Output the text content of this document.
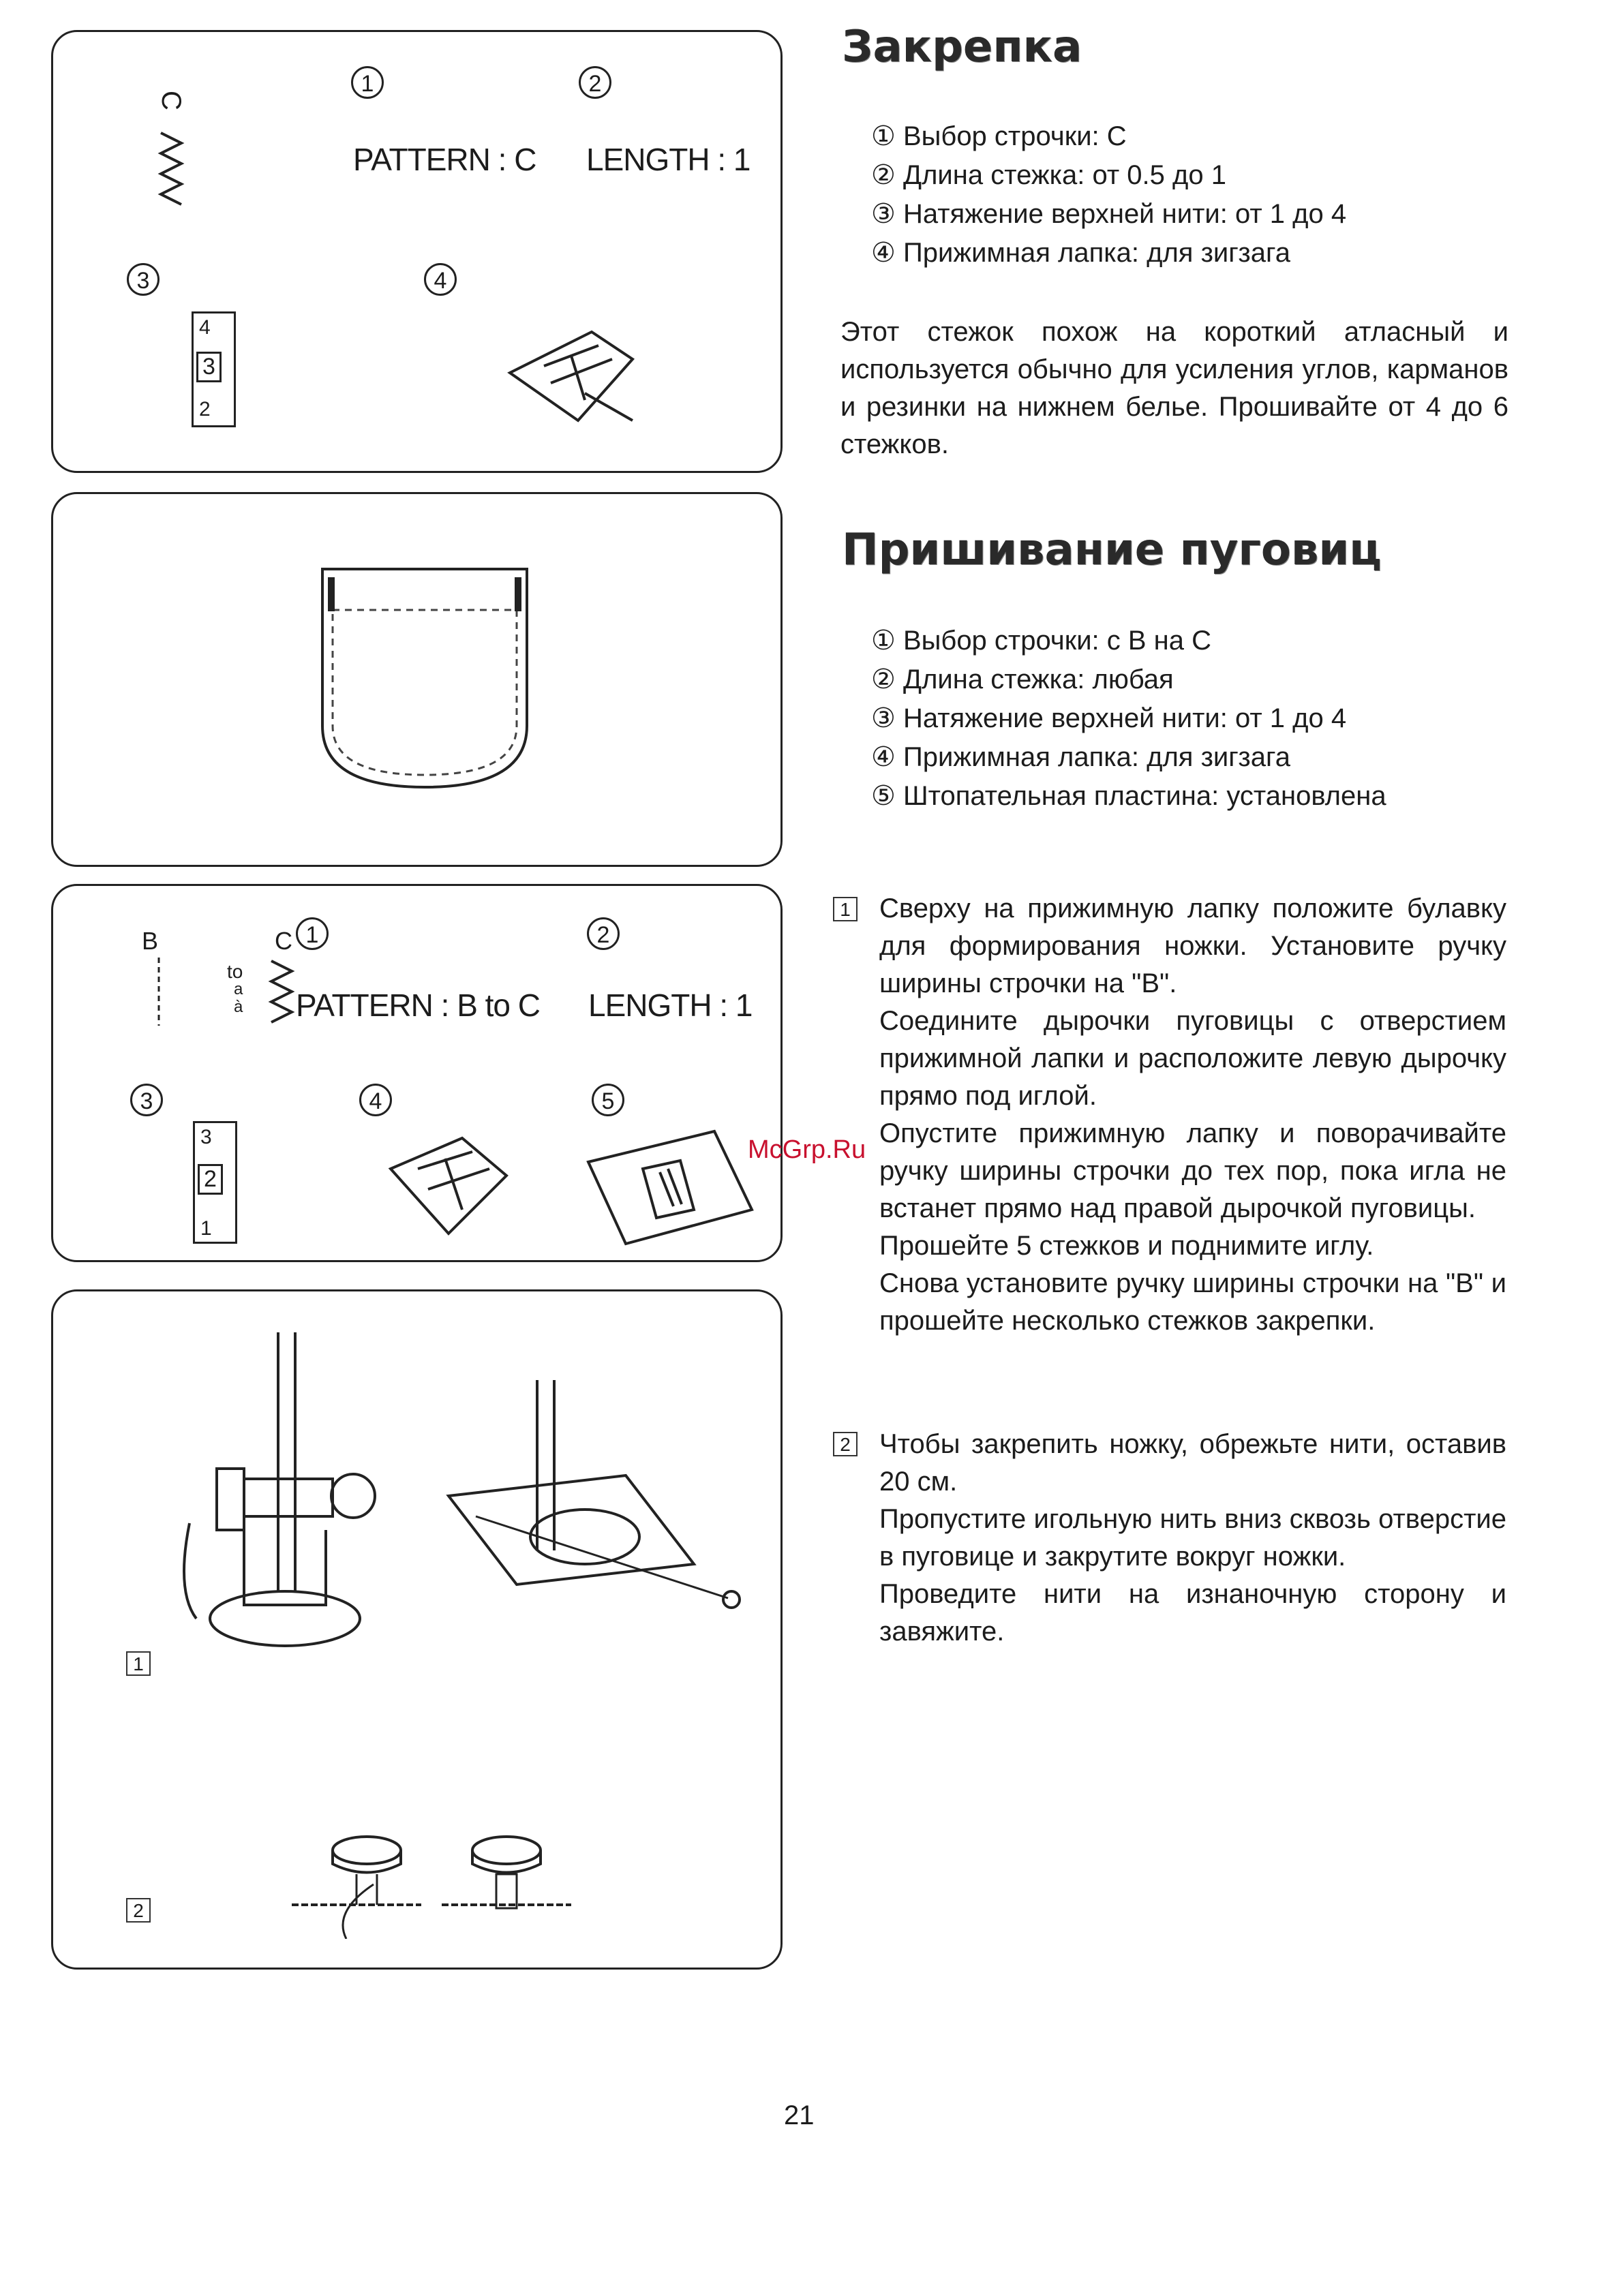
1	2
PATTERN : C LENGTH : 1
C
3	4
4
3
2
B	C
to
a
à
1	2
PATTERN : B to C LENGTH : 1
3	4	5
3
2
1
1
2
Закрепка
① Выбор строчки: С
② Длина стежка: от 0.5 до 1
③ Натяжение верхней нити: от 1 до 4
④ Прижимная лапка: для зигзага

Этот стежок похож на короткий атласный и используется обычно для усиления углов, карманов и резинки на нижнем белье. Прошивайте от 4 до 6 стежков.

Пришивание пуговиц
① Выбор строчки: с В на С
② Длина стежка: любая
③ Натяжение верхней нити: от 1 до 4
④ Прижимная лапка: для зигзага
⑤ Штопательная пластина: установлена
1 Сверху на прижимную лапку положите булавку для формирования ножки. Установите ручку ширины строчки на "В".

Соедините дырочки пуговицы с отверстием прижимной лапки и расположите левую дырочку прямо под иглой.

Опустите прижимную лапку и поворачивайте ручку ширины строчки до тех пор, пока игла не встанет прямо над правой дырочкой пуговицы.

Прошейте 5 стежков и поднимите иглу.

Снова установите ручку ширины строчки на "В" и прошейте несколько стежков закрепки.

2 Чтобы закрепить ножку, обрежьте нити, оставив 20 см.

Пропустите игольную нить вниз сквозь отверстие в пуговице и закрутите вокруг ножки.

Проведите нити на изнаночную сторону и завяжите.

McGrp.Ru
21
